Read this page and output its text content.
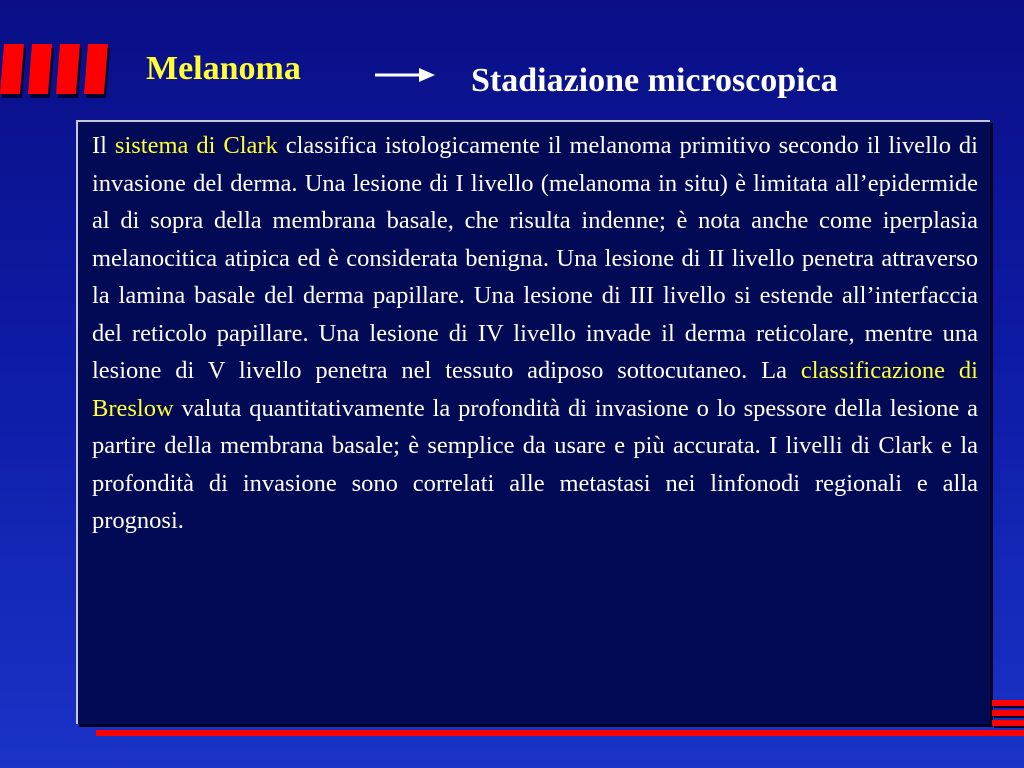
Melanoma	Stadiazione microscopica

Il sistema di Clark classifica istologicamente il melanoma primitivo secondo il livello di invasione del derma. Una lesione di I livello (melanoma in situ) è limitata all’epidermide al di sopra della membrana basale, che risulta indenne; è nota anche come iperplasia melanocitica atipica ed è considerata benigna. Una lesione di II livello penetra attraverso la lamina basale del derma papillare. Una lesione di III livello si estende all’interfaccia del reticolo papillare. Una lesione di IV livello invade il derma reticolare, mentre una lesione di V livello penetra nel tessuto adiposo sottocutaneo. La classificazione di Breslow valuta quantitativamente la profondità di invasione o lo spessore della lesione a partire della membrana basale; è semplice da usare e più accurata. I livelli di Clark e la profondità di invasione sono correlati alle metastasi nei linfonodi regionali e alla prognosi.
